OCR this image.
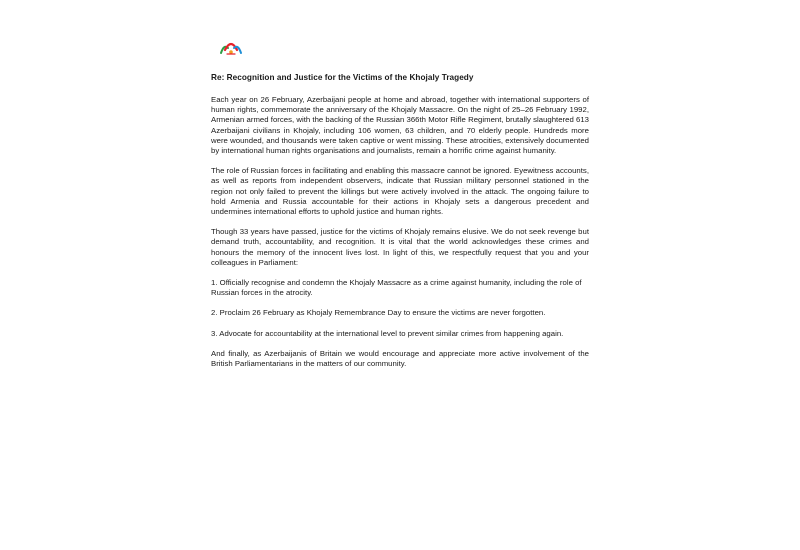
Re: Recognition and Justice for the Victims of the Khojaly Tragedy

Each year on 26 February, Azerbaijani people at home and abroad, together with international supporters of human rights, commemorate the anniversary of the Khojaly Massacre. On the night of 25–26 February 1992, Armenian armed forces, with the backing of the Russian 366th Motor Rifle Regiment, brutally slaughtered 613 Azerbaijani civilians in Khojaly, including 106 women, 63 children, and 70 elderly people. Hundreds more were wounded, and thousands were taken captive or went missing. These atrocities, extensively documented by international human rights organisations and journalists, remain a horrific crime against humanity.

The role of Russian forces in facilitating and enabling this massacre cannot be ignored. Eyewitness accounts, as well as reports from independent observers, indicate that Russian military personnel stationed in the region not only failed to prevent the killings but were actively involved in the attack. The ongoing failure to hold Armenia and Russia accountable for their actions in Khojaly sets a dangerous precedent and undermines international efforts to uphold justice and human rights.

Though 33 years have passed, justice for the victims of Khojaly remains elusive. We do not seek revenge but demand truth, accountability, and recognition. It is vital that the world acknowledges these crimes and honours the memory of the innocent lives lost. In light of this, we respectfully request that you and your colleagues in Parliament:

1. Officially recognise and condemn the Khojaly Massacre as a crime against humanity, including the role of Russian forces in the atrocity.

2. Proclaim 26 February as Khojaly Remembrance Day to ensure the victims are never forgotten.

3. Advocate for accountability at the international level to prevent similar crimes from happening again.

And finally, as Azerbaijanis of Britain we would encourage and appreciate more active involvement of the British Parliamentarians in the matters of our community.
